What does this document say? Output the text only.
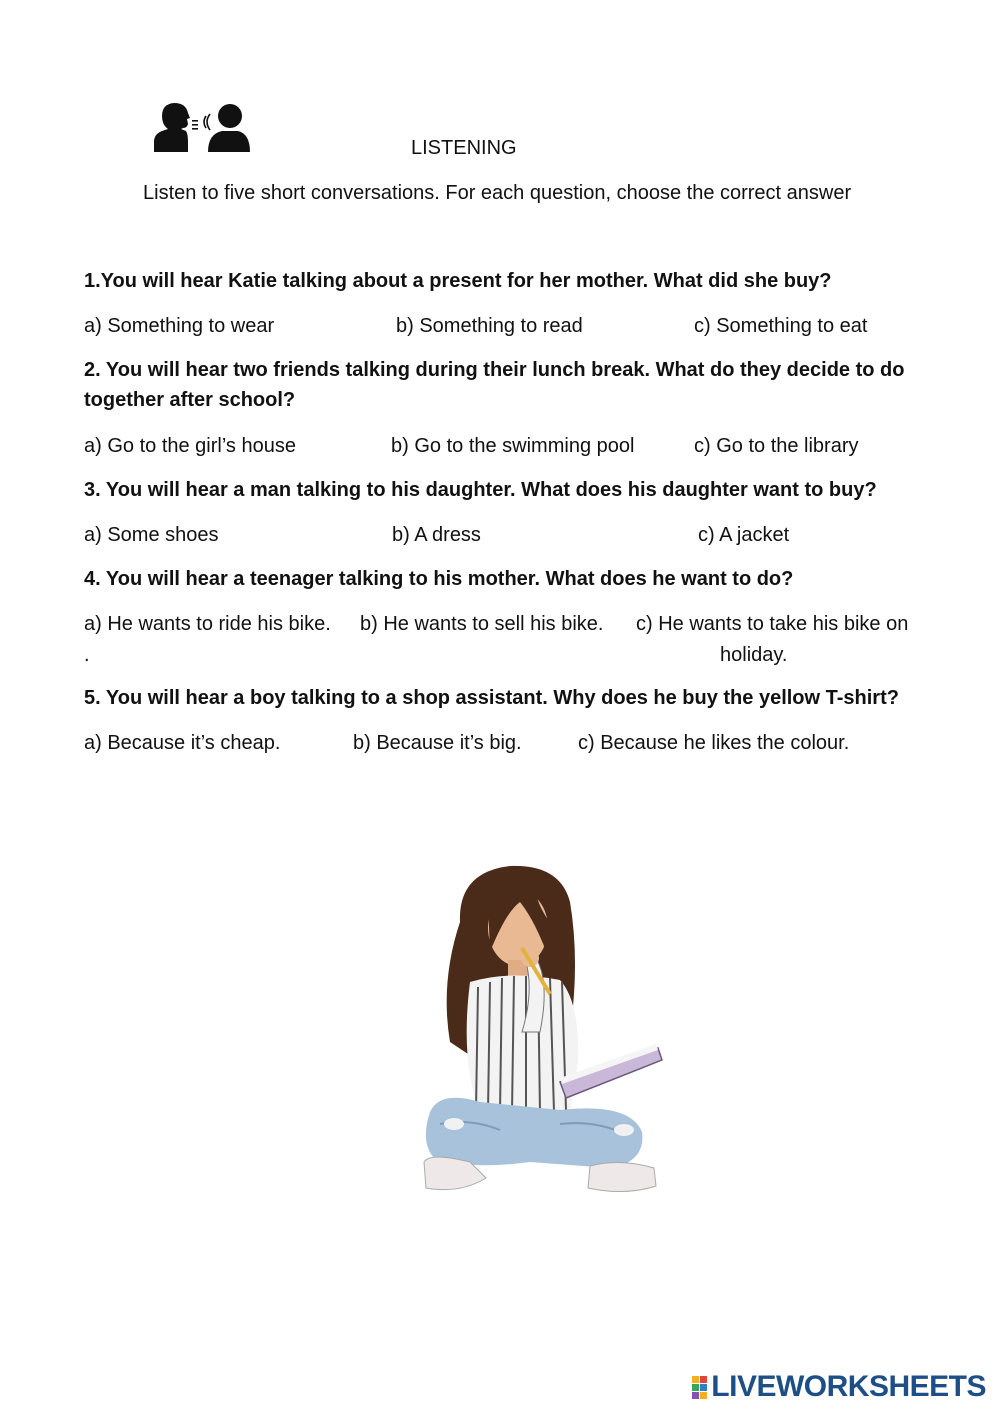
LISTENING
Listen to five short conversations. For each question, choose the correct answer
1.You will hear Katie talking about a present for her mother. What did she buy?
a) Something to wear	b) Something to read	c) Something to eat
2. You will hear two friends talking during their lunch break. What do they decide to do together after school?
a) Go to the girl’s house	b) Go to the swimming pool	c) Go to the library
3. You will hear a man talking to his daughter. What does his daughter want to buy?
a) Some shoes	b) A dress	c) A jacket
4. You will hear a teenager talking to his mother. What does he want to do?
a) He wants to ride his bike. b) He wants to sell his bike. c) He wants to take his bike on
.	holiday.
5. You will hear a boy talking to a shop assistant. Why does he buy the yellow T-shirt?
a) Because it’s cheap.	b) Because it’s big.	c) Because he likes the colour.
LIVEWORKSHEETS
